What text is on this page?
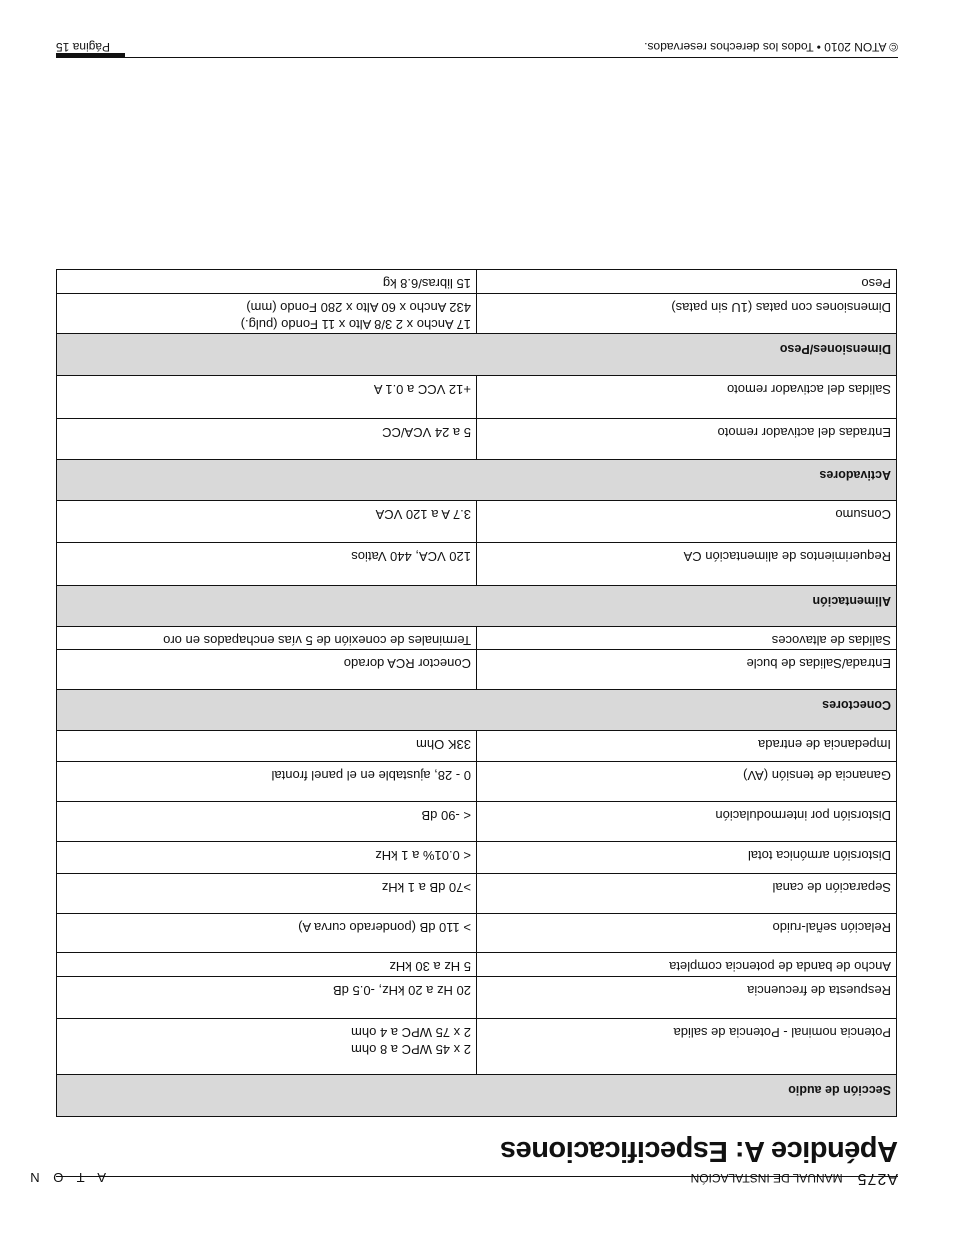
A T O N	A275
MANUAL DE INSTALACIÓN
Apéndice A: Especificaciones
Sección de audio	
Potencia nominal - Potencia de salida	2 x 45 WPC a 8 ohm
2 x 75 WPC a 4 ohm

Respuesta de frecuencia	20 Hz a 20 kHz, -0.5 dB

Ancho de banda de potencia completa	5 Hz a 30 kHz

Relación señal-ruido	> 110 dB (ponderado curva A)

Separación de canal	>70 dB a 1 kHz

Distorsión armónica total	< 0.01% a 1 kHz

Distorsión por intermodulación	< -90 dB

Ganancia de tensión (AV)	0 - 28, ajustable en el panel frontal

Impedancia de entrada	33K Ohm

Conectores	
Entrada/Salidas de bucle	Conector RCA dorado

Salidas de altavoces	Terminales de conexión de 5 vías enchapados en oro

Alimentación	
Requerimientos de alimentación CA	120 VCA, 440 Vatios

Consumo	3.7 A a 120 VCA

Activadores	
Entradas del activador remoto	5 a 24 VCA/CC

Salidas del activador remoto	+12 VCC a 0.1 A

Dimensiones/Peso	
Dimensiones con patas (1U sin patas)	17 Ancho x 2 3/8 Alto x 11 Fondo (pulg.)
432 Ancho x 60 Alto x 280 Fondo (mm)

Peso	15 libras/6.8 kg
© ATON 2010 • Todos los derechos reservados.
Página 15
